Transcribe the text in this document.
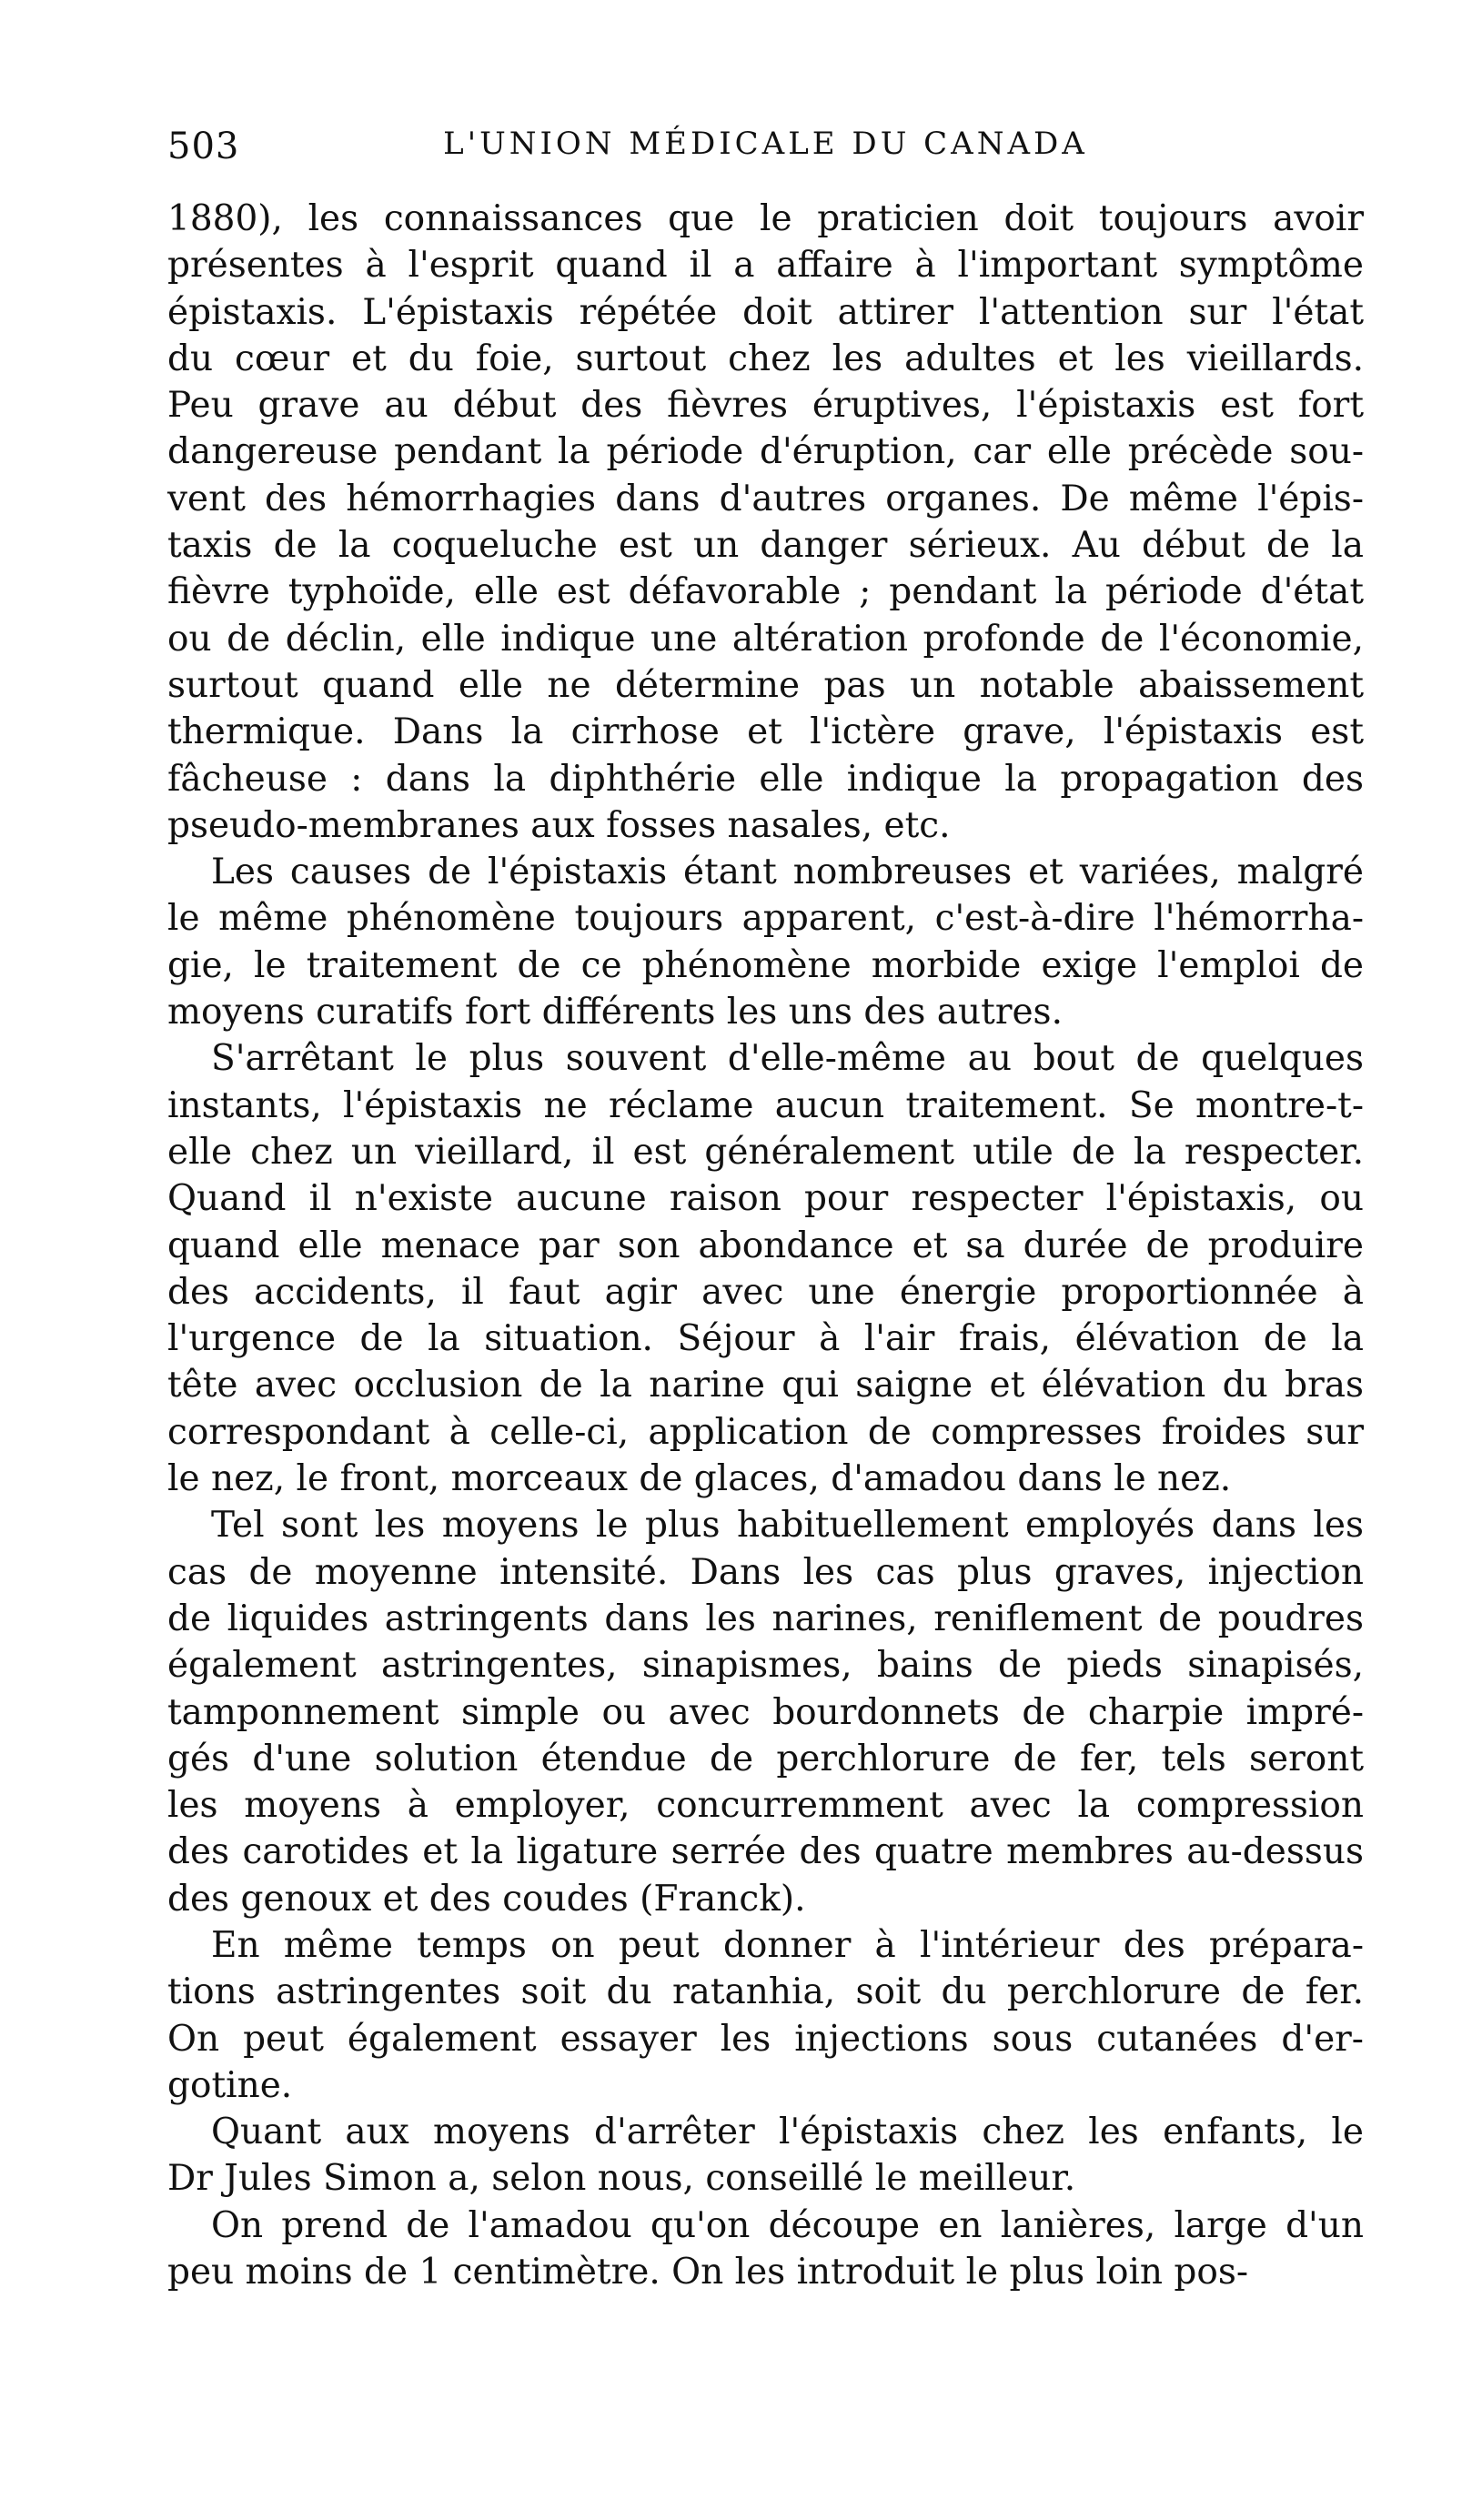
503	L'UNION MÉDICALE DU CANADA

1880), les connaissances que le praticien doit toujours avoir
présentes à l'esprit quand il a affaire à l'important symptôme
épistaxis. L'épistaxis répétée doit attirer l'attention sur l'état
du cœur et du foie, surtout chez les adultes et les vieillards.
Peu grave au début des fièvres éruptives, l'épistaxis est fort
dangereuse pendant la période d'éruption, car elle précède sou-
vent des hémorrhagies dans d'autres organes. De même l'épis-
taxis de la coqueluche est un danger sérieux. Au début de la
fièvre typhoïde, elle est défavorable ; pendant la période d'état
ou de déclin, elle indique une altération profonde de l'économie,
surtout quand elle ne détermine pas un notable abaissement
thermique. Dans la cirrhose et l'ictère grave, l'épistaxis est
fâcheuse : dans la diphthérie elle indique la propagation des
pseudo-membranes aux fosses nasales, etc.

Les causes de l'épistaxis étant nombreuses et variées, malgré
le même phénomène toujours apparent, c'est-à-dire l'hémorrha-
gie, le traitement de ce phénomène morbide exige l'emploi de
moyens curatifs fort différents les uns des autres.

S'arrêtant le plus souvent d'elle-même au bout de quelques
instants, l'épistaxis ne réclame aucun traitement. Se montre-t-
elle chez un vieillard, il est généralement utile de la respecter.
Quand il n'existe aucune raison pour respecter l'épistaxis, ou
quand elle menace par son abondance et sa durée de produire
des accidents, il faut agir avec une énergie proportionnée à
l'urgence de la situation. Séjour à l'air frais, élévation de la
tête avec occlusion de la narine qui saigne et élévation du bras
correspondant à celle-ci, application de compresses froides sur
le nez, le front, morceaux de glaces, d'amadou dans le nez.

Tel sont les moyens le plus habituellement employés dans les
cas de moyenne intensité. Dans les cas plus graves, injection
de liquides astringents dans les narines, reniflement de poudres
également astringentes, sinapismes, bains de pieds sinapisés,
tamponnement simple ou avec bourdonnets de charpie impré-
gés d'une solution étendue de perchlorure de fer, tels seront
les moyens à employer, concurremment avec la compression
des carotides et la ligature serrée des quatre membres au-dessus
des genoux et des coudes (Franck).

En même temps on peut donner à l'intérieur des prépara-
tions astringentes soit du ratanhia, soit du perchlorure de fer.
On peut également essayer les injections sous cutanées d'er-
gotine.

Quant aux moyens d'arrêter l'épistaxis chez les enfants, le
Dr Jules Simon a, selon nous, conseillé le meilleur.

On prend de l'amadou qu'on découpe en lanières, large d'un
peu moins de 1 centimètre. On les introduit le plus loin pos-
